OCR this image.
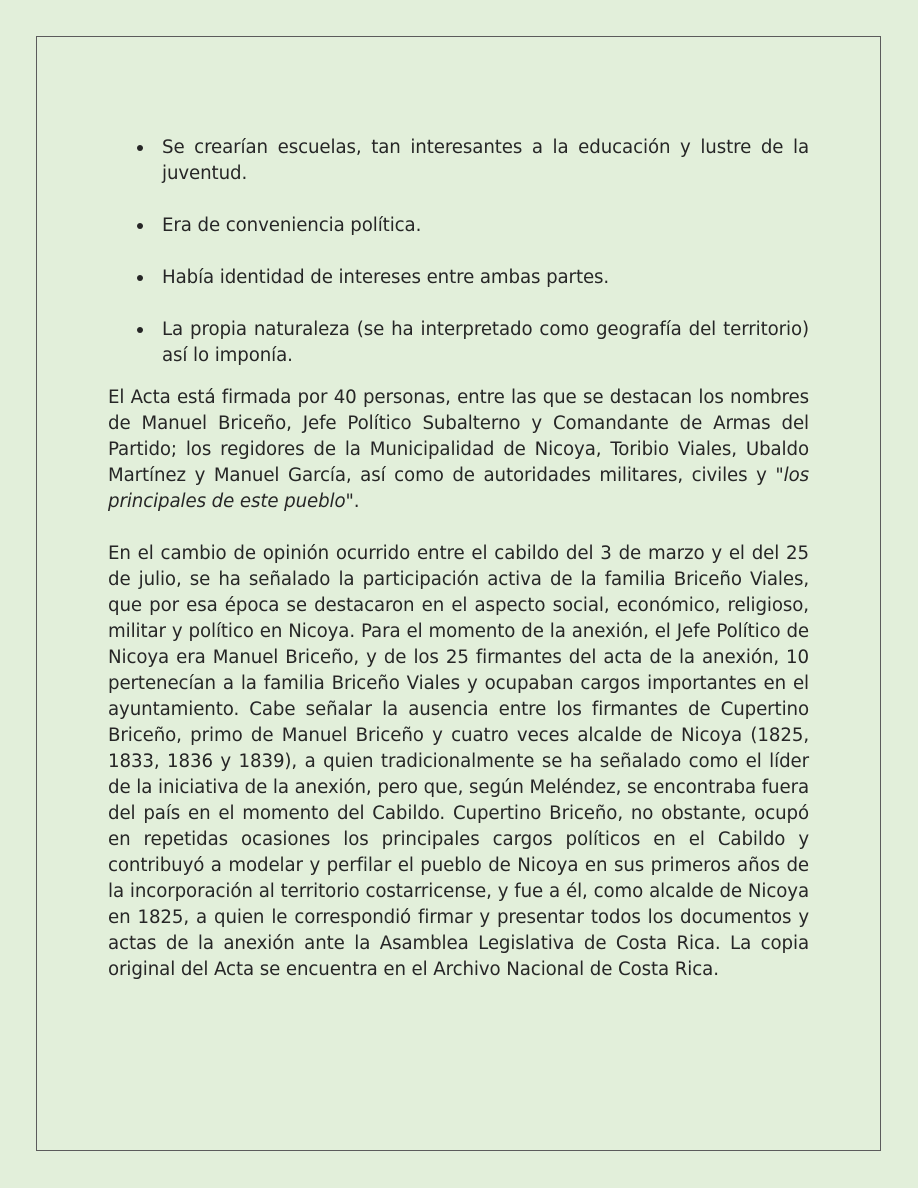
Se crearían escuelas, tan interesantes a la educación y lustre de la juventud.
Era de conveniencia política.
Había identidad de intereses entre ambas partes.
La propia naturaleza (se ha interpretado como geografía del territorio) así lo imponía.

El Acta está firmada por 40 personas, entre las que se destacan los nombres de Manuel Briceño, Jefe Político Subalterno y Comandante de Armas del Partido; los regidores de la Municipalidad de Nicoya, Toribio Viales, Ubaldo Martínez y Manuel García, así como de autoridades militares, civiles y "los principales de este pueblo".

En el cambio de opinión ocurrido entre el cabildo del 3 de marzo y el del 25 de julio, se ha señalado la participación activa de la familia Briceño Viales, que por esa época se destacaron en el aspecto social, económico, religioso, militar y político en Nicoya. Para el momento de la anexión, el Jefe Político de Nicoya era Manuel Briceño, y de los 25 firmantes del acta de la anexión, 10 pertenecían a la familia Briceño Viales y ocupaban cargos importantes en el ayuntamiento. Cabe señalar la ausencia entre los firmantes de Cupertino Briceño, primo de Manuel Briceño y cuatro veces alcalde de Nicoya (1825, 1833, 1836 y 1839), a quien tradicionalmente se ha señalado como el líder de la iniciativa de la anexión, pero que, según Meléndez, se encontraba fuera del país en el momento del Cabildo. Cupertino Briceño, no obstante, ocupó en repetidas ocasiones los principales cargos políticos en el Cabildo y contribuyó a modelar y perfilar el pueblo de Nicoya en sus primeros años de la incorporación al territorio costarricense, y fue a él, como alcalde de Nicoya en 1825, a quien le correspondió firmar y presentar todos los documentos y actas de la anexión ante la Asamblea Legislativa de Costa Rica. La copia original del Acta se encuentra en el Archivo Nacional de Costa Rica.
